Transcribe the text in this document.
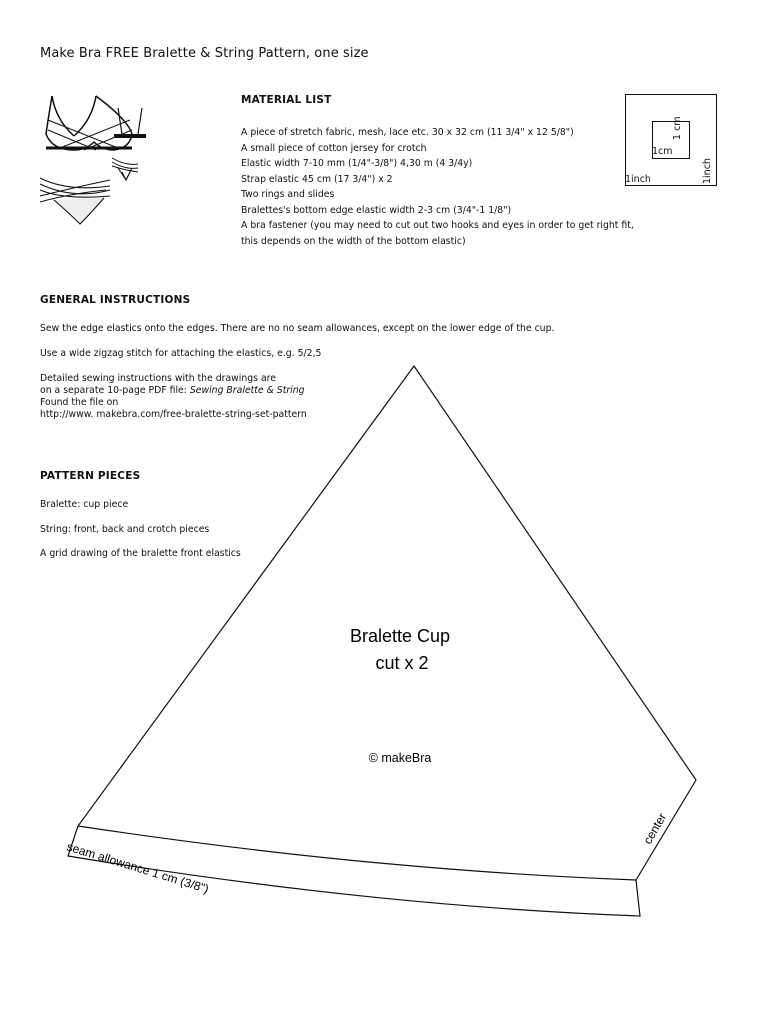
Make Bra FREE Bralette & String Pattern, one size
MATERIAL LIST
A piece of stretch fabric, mesh, lace etc. 30 x 32 cm (11 3/4" x 12 5/8")
A small piece of cotton jersey for crotch
Elastic width 7-10 mm (1/4"-3/8") 4,30 m (4 3/4y)
Strap elastic 45 cm (17 3/4") x 2
Two rings and slides
Bralettes's bottom edge elastic width 2-3 cm (3/4"-1 1/8")
A bra fastener (you may need to cut out two hooks and eyes in order to get right fit,
this depends on the width of the bottom elastic)
1cm
1 cm
1inch	1inch
GENERAL INSTRUCTIONS
Sew the edge elastics onto the edges. There are no no seam allowances, except on the lower edge of the cup.
Use a wide zigzag stitch for attaching the elastics, e.g. 5/2,5
Detailed sewing instructions with the drawings are
on a separate 10-page PDF file: Sewing Bralette & String
Found the file on
http://www. makebra.com/free-bralette-string-set-pattern
PATTERN PIECES
Bralette: cup piece
String: front, back and crotch pieces
A grid drawing of the bralette front elastics
Bralette Cup
cut x 2
© makeBra
center
seam allowance 1 cm (3/8")
